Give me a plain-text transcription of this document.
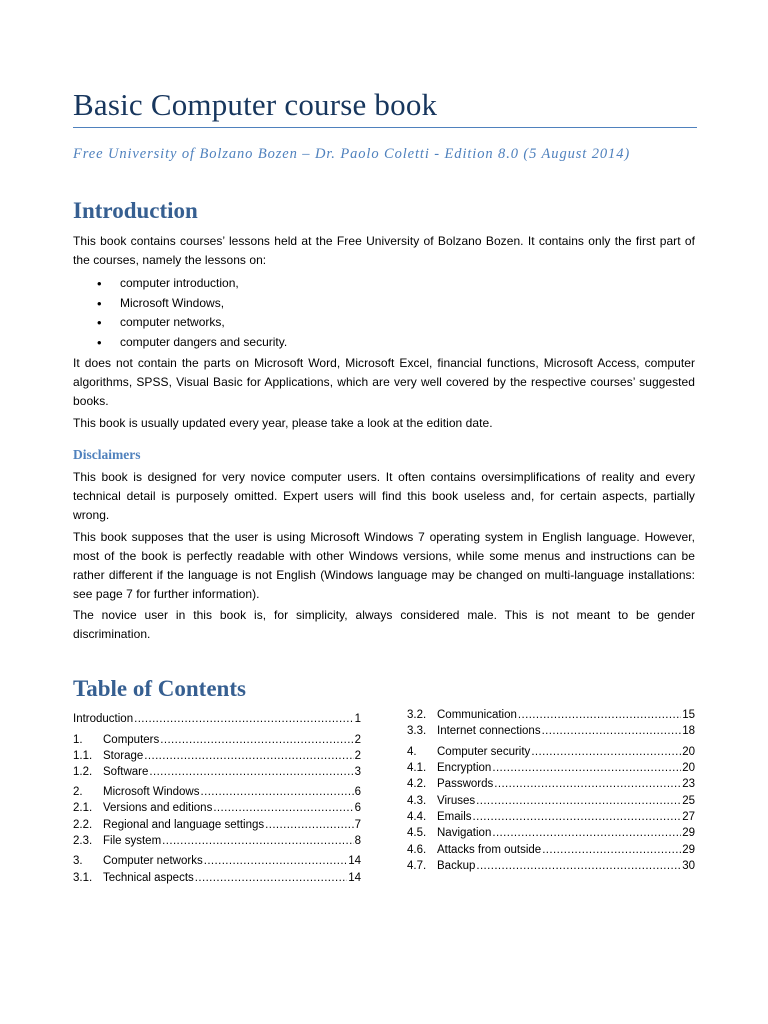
Basic Computer course book
Free University of Bolzano Bozen – Dr. Paolo Coletti - Edition 8.0 (5 August 2014)
Introduction
This book contains courses’ lessons held at the Free University of Bolzano Bozen. It contains only the first part of the courses, namely the lessons on:
• computer introduction,
• Microsoft Windows,
• computer networks,
• computer dangers and security.
It does not contain the parts on Microsoft Word, Microsoft Excel, financial functions, Microsoft Access, computer algorithms, SPSS, Visual Basic for Applications, which are very well covered by the respective courses’ suggested books.
This book is usually updated every year, please take a look at the edition date.
Disclaimers
This book is designed for very novice computer users. It often contains oversimplifications of reality and every technical detail is purposely omitted. Expert users will find this book useless and, for certain aspects, partially wrong.
This book supposes that the user is using Microsoft Windows 7 operating system in English language. However, most of the book is perfectly readable with other Windows versions, while some menus and instructions can be rather different if the language is not English (Windows language may be changed on multi-language installations: see page 7 for further information).
The novice user in this book is, for simplicity, always considered male. This is not meant to be gender discrimination.
Table of Contents
Introduction .....	1
1.	Computers .....	2
1.1. Storage .....	2
1.2. Software .....	3
2.	Microsoft Windows .....	6
2.1. Versions and editions .....	6
2.2. Regional and language settings .....	7
2.3. File system .....	8
3.	Computer networks .....	14
3.1. Technical aspects .....	14
3.2. Communication .....	15
3.3. Internet connections .....	18
4.	Computer security .....	20
4.1. Encryption .....	20
4.2. Passwords .....	23
4.3. Viruses .....	25
4.4. Emails .....	27
4.5. Navigation .....	29
4.6. Attacks from outside .....	29
4.7. Backup .....	30
